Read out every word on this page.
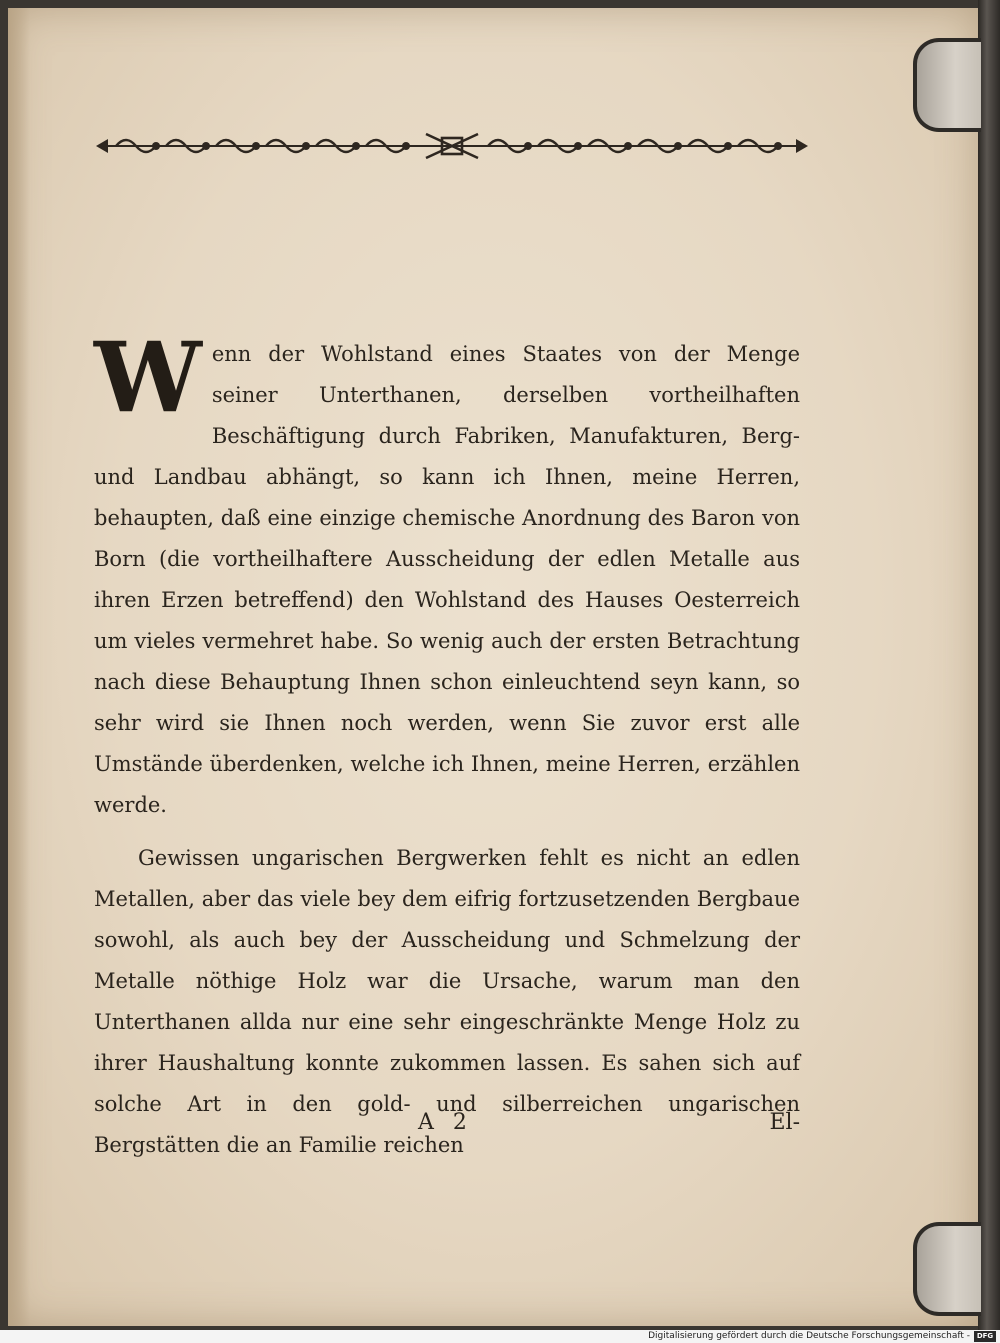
Wenn der Wohlstand eines Staates von der Menge seiner Unterthanen, derselben vortheilhaften Beschäftigung durch Fabriken, Manufakturen, Berg- und Landbau abhängt, so kann ich Ihnen, meine Herren, behaupten, daß eine einzige chemische Anordnung des Baron von Born (die vortheilhaftere Ausscheidung der edlen Metalle aus ihren Erzen betreffend) den Wohlstand des Hauses Oesterreich um vieles vermehret habe. So wenig auch der ersten Betrachtung nach diese Behauptung Ihnen schon einleuchtend seyn kann, so sehr wird sie Ihnen noch werden, wenn Sie zuvor erst alle Umstände überdenken, welche ich Ihnen, meine Herren, erzählen werde.

Gewissen ungarischen Bergwerken fehlt es nicht an edlen Metallen, aber das viele bey dem eifrig fortzusetzenden Bergbaue sowohl, als auch bey der Ausscheidung und Schmelzung der Metalle nöthige Holz war die Ursache, warum man den Unterthanen allda nur eine sehr eingeschränkte Menge Holz zu ihrer Haushaltung konnte zukommen lassen. Es sahen sich auf solche Art in den gold- und silberreichen ungarischen Bergstätten die an Familie reichen

A 2	El-
Digitalisierung gefördert durch die Deutsche Forschungsgemeinschaft - DFG
